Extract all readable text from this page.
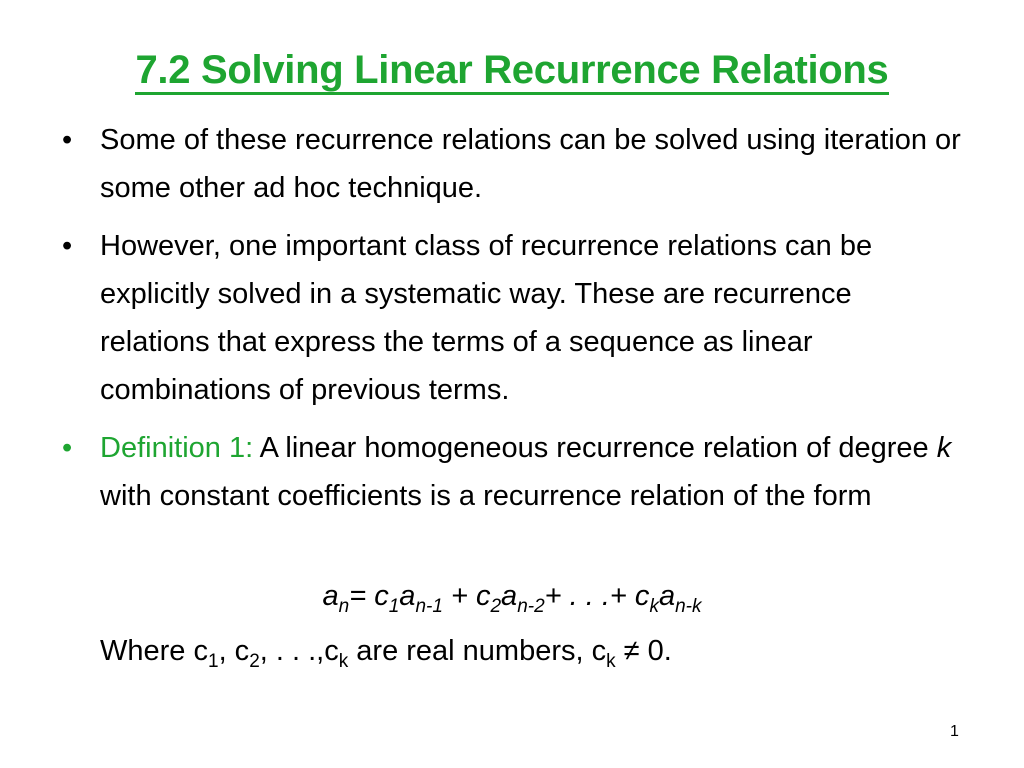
7.2 Solving Linear Recurrence Relations
• Some of these recurrence relations can be solved using iteration or some other ad hoc technique.
• However, one important class of recurrence relations can be explicitly solved in a systematic way. These are recurrence relations that express the terms of a sequence as linear combinations of previous terms.
• Definition 1: A linear homogeneous recurrence relation of degree k with constant coefficients is a recurrence relation of the form
$a_n= c_1a_{n-1} + c_2a_{n-2}+$ . . .+ $c_ka_{n-k}$
Where $c_1$, $c_2$, . . $.,c_k$ are real numbers, $c_k \ne 0$.
1
